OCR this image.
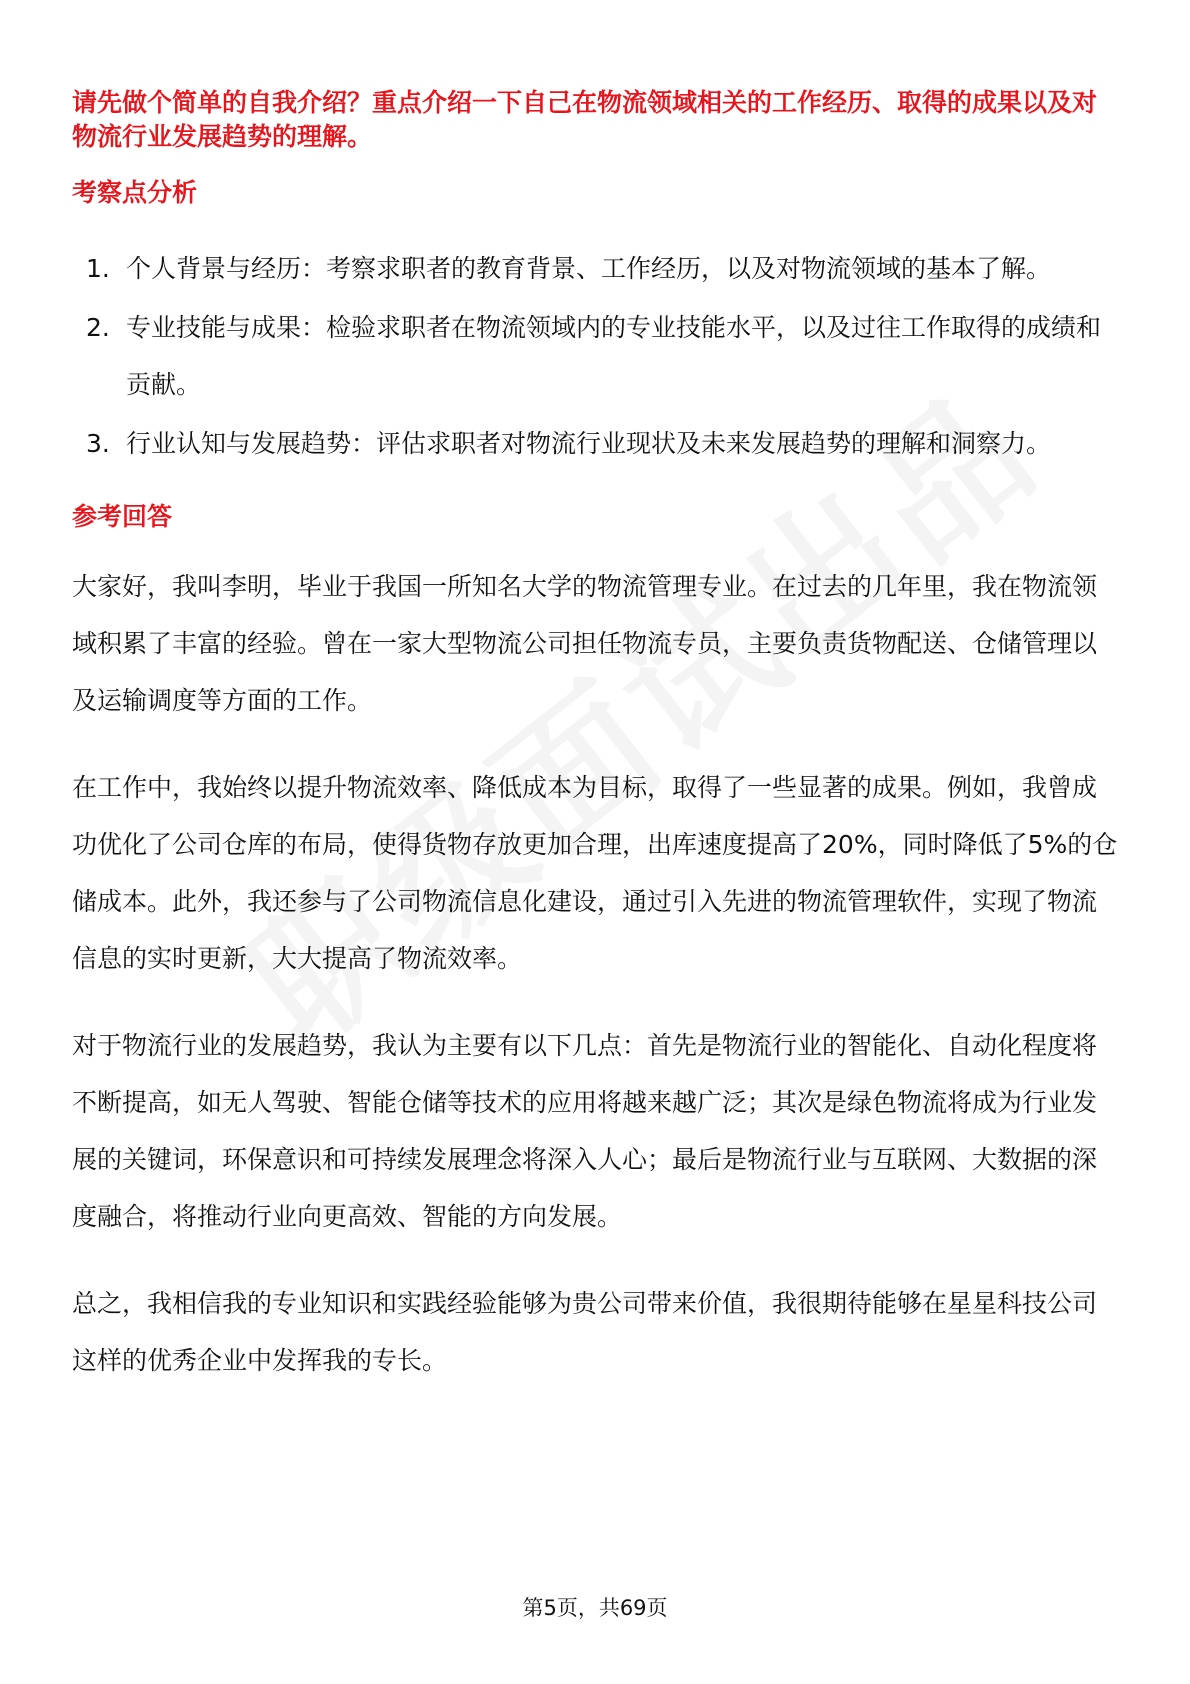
请先做个简单的自我介绍？重点介绍一下自己在物流领域相关的工作经历、取得的成果以及对物流行业发展趋势的理解。

考察点分析
1. 个人背景与经历：考察求职者的教育背景、工作经历，以及对物流领域的基本了解。
2. 专业技能与成果：检验求职者在物流领域内的专业技能水平，以及过往工作取得的成绩和贡献。
3. 行业认知与发展趋势：评估求职者对物流行业现状及未来发展趋势的理解和洞察力。
参考回答

大家好，我叫李明，毕业于我国一所知名大学的物流管理专业。在过去的几年里，我在物流领域积累了丰富的经验。曾在一家大型物流公司担任物流专员，主要负责货物配送、仓储管理以及运输调度等方面的工作。

在工作中，我始终以提升物流效率、降低成本为目标，取得了一些显著的成果。例如，我曾成功优化了公司仓库的布局，使得货物存放更加合理，出库速度提高了20%，同时降低了5%的仓储成本。此外，我还参与了公司物流信息化建设，通过引入先进的物流管理软件，实现了物流信息的实时更新，大大提高了物流效率。

对于物流行业的发展趋势，我认为主要有以下几点：首先是物流行业的智能化、自动化程度将不断提高，如无人驾驶、智能仓储等技术的应用将越来越广泛；其次是绿色物流将成为行业发展的关键词，环保意识和可持续发展理念将深入人心；最后是物流行业与互联网、大数据的深度融合，将推动行业向更高效、智能的方向发展。

总之，我相信我的专业知识和实践经验能够为贵公司带来价值，我很期待能够在星星科技公司这样的优秀企业中发挥我的专长。

第5页，共69页
